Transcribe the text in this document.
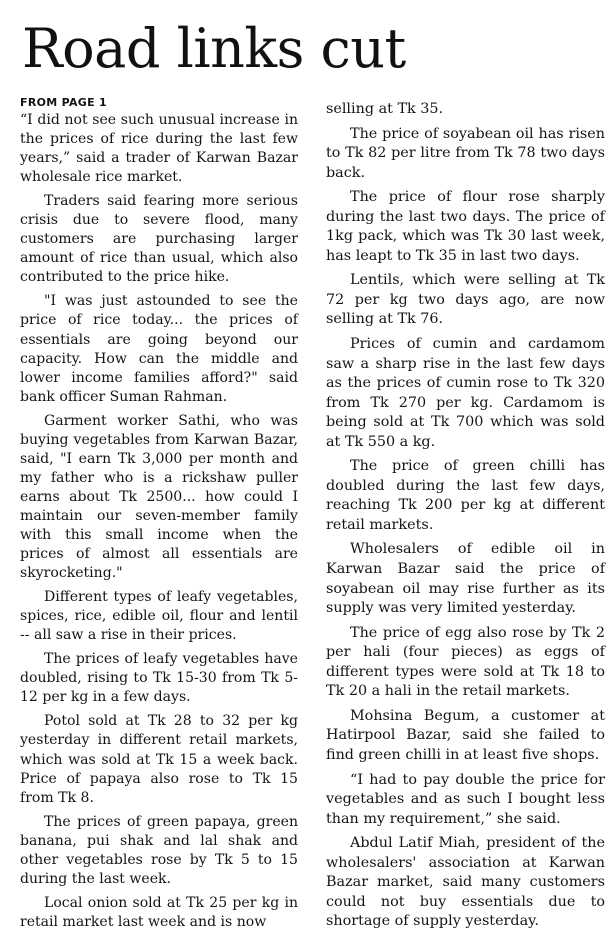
Road links cut
FROM PAGE 1

“I did not see such unusual increase in the prices of rice during the last few years,” said a trader of Karwan Bazar wholesale rice market.

Traders said fearing more serious crisis due to severe flood, many customers are purchasing larger amount of rice than usual, which also contributed to the price hike.

"I was just astounded to see the price of rice today... the prices of essentials are going beyond our capacity. How can the middle and lower income families afford?" said bank officer Suman Rahman.

Garment worker Sathi, who was buying vegetables from Karwan Bazar, said, "I earn Tk 3,000 per month and my father who is a rickshaw puller earns about Tk 2500... how could I maintain our seven-member family with this small income when the prices of almost all essentials are skyrocketing."

Different types of leafy vegetables, spices, rice, edible oil, flour and lentil -- all saw a rise in their prices.

The prices of leafy vegetables have doubled, rising to Tk 15-30 from Tk 5-12 per kg in a few days.

Potol sold at Tk 28 to 32 per kg yesterday in different retail markets, which was sold at Tk 15 a week back. Price of papaya also rose to Tk 15 from Tk 8.

The prices of green papaya, green banana, pui shak and lal shak and other vegetables rose by Tk 5 to 15 during the last week.

Local onion sold at Tk 25 per kg in retail market last week and is now

selling at Tk 35.

The price of soyabean oil has risen to Tk 82 per litre from Tk 78 two days back.

The price of flour rose sharply during the last two days. The price of 1kg pack, which was Tk 30 last week, has leapt to Tk 35 in last two days.

Lentils, which were selling at Tk 72 per kg two days ago, are now selling at Tk 76.

Prices of cumin and cardamom saw a sharp rise in the last few days as the prices of cumin rose to Tk 320 from Tk 270 per kg. Cardamom is being sold at Tk 700 which was sold at Tk 550 a kg.

The price of green chilli has doubled during the last few days, reaching Tk 200 per kg at different retail markets.

Wholesalers of edible oil in Karwan Bazar said the price of soyabean oil may rise further as its supply was very limited yesterday.

The price of egg also rose by Tk 2 per hali (four pieces) as eggs of different types were sold at Tk 18 to Tk 20 a hali in the retail markets.

Mohsina Begum, a customer at Hatirpool Bazar, said she failed to find green chilli in at least five shops.

“I had to pay double the price for vegetables and as such I bought less than my requirement,” she said.

Abdul Latif Miah, president of the wholesalers' association at Karwan Bazar market, said many customers could not buy essentials due to shortage of supply yesterday.
